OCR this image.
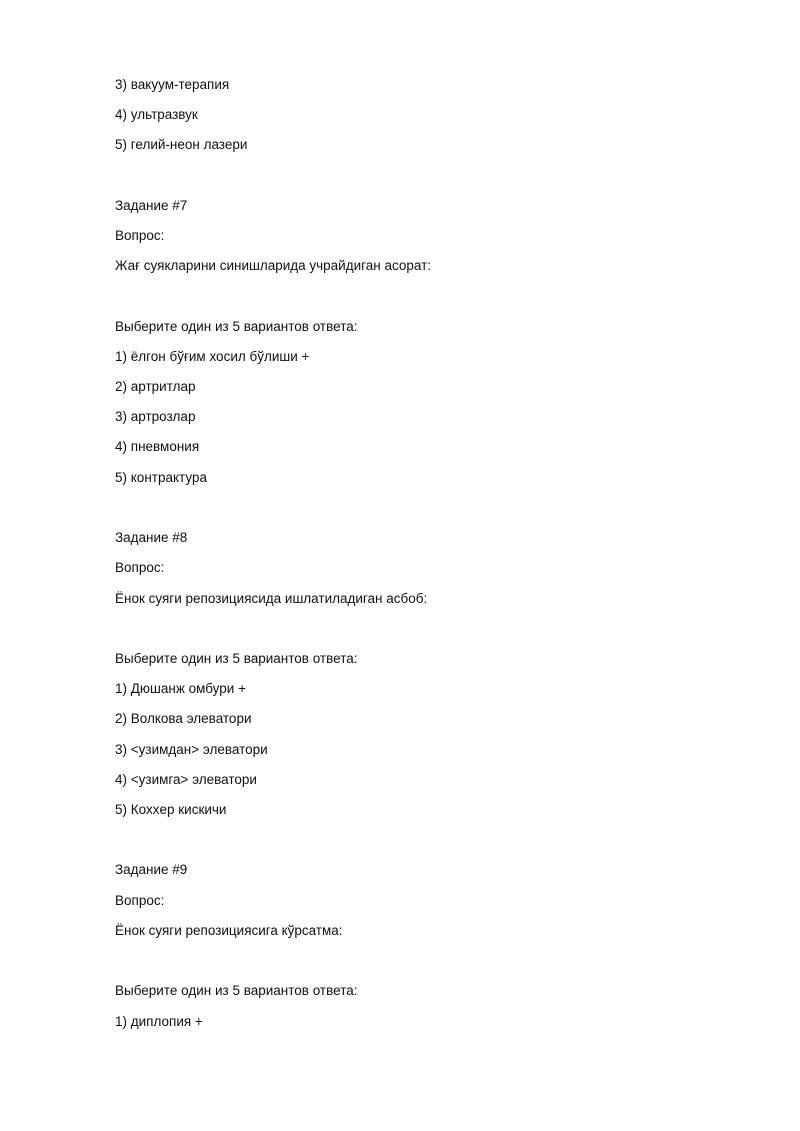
3) вакуум-терапия
4) ультразвук
5) гелий-неон лазери
Задание #7
Вопрос:
Жағ суякларини синишларида учрайдиган асорат:
Выберите один из 5 вариантов ответа:
1) ёлгон бўғим хосил бўлиши +
2) артритлар
3) артрозлар
4) пневмония
5) контрактура
Задание #8
Вопрос:
Ёнок суяги репозициясида ишлатиладиган асбоб:
Выберите один из 5 вариантов ответа:
1) Дюшанж омбури +
2) Волкова элеватори
3) <узимдан> элеватори
4) <узимга> элеватори
5) Кохxер кискичи
Задание #9
Вопрос:
Ёнок суяги репозициясига кўрсатма:
Выберите один из 5 вариантов ответа:
1) диплопия +
